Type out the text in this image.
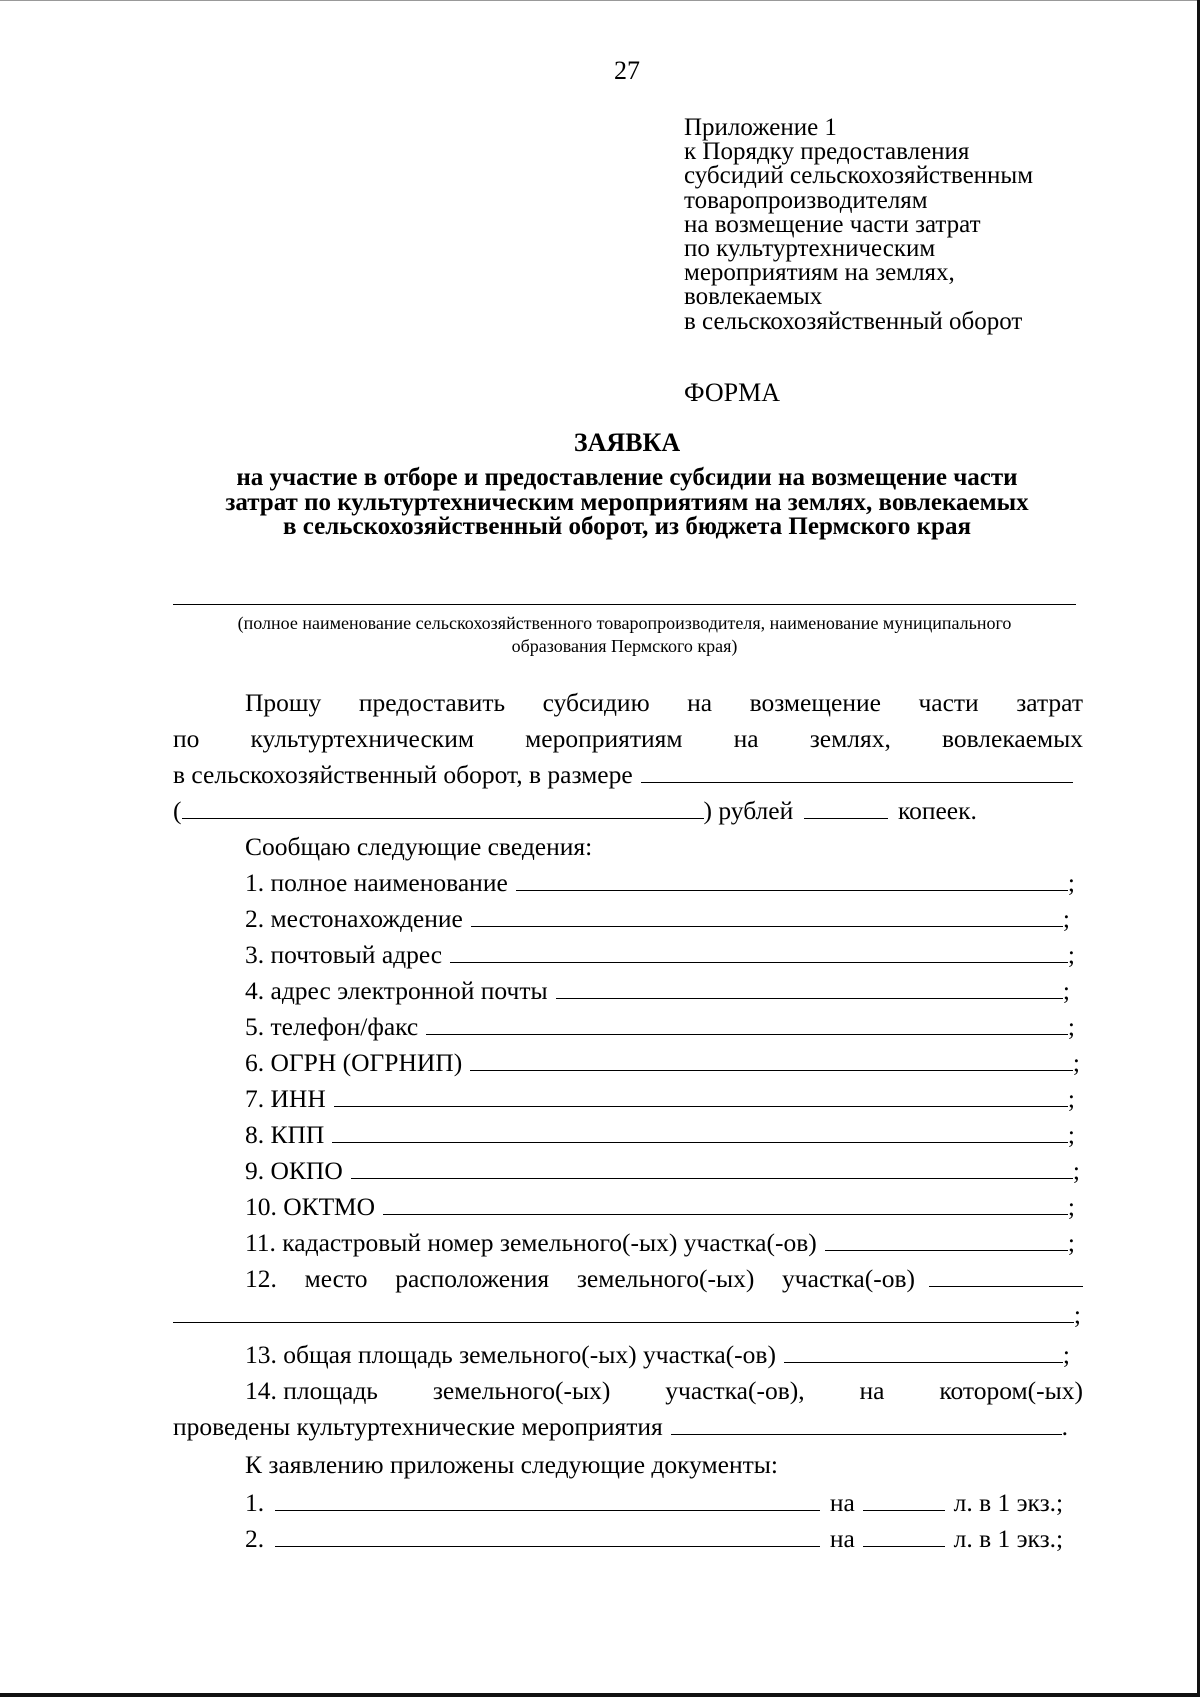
27
Приложение 1
к Порядку предоставления
субсидий сельскохозяйственным
товаропроизводителям
на возмещение части затрат
по культуртехническим
мероприятиям на землях,
вовлекаемых
в сельскохозяйственный оборот
ФОРМА
ЗАЯВКА
на участие в отборе и предоставление субсидии на возмещение части
затрат по культуртехническим мероприятиям на землях, вовлекаемых
в сельскохозяйственный оборот, из бюджета Пермского края
(полное наименование сельскохозяйственного товаропроизводителя, наименование муниципального
образования Пермского края)
Прошу предоставить субсидию на возмещение части затрат
по культуртехническим мероприятиям на землях, вовлекаемых
в сельскохозяйственный оборот, в размере
(	) рублей	копеек.
Сообщаю следующие сведения:
1. полное наименование	;
2. местонахождение	;
3. почтовый адрес	;
4. адрес электронной почты	;
5. телефон/факс	;
6. ОГРН (ОГРНИП)	;
7. ИНН	;
8. КПП	;
9. ОКПО	;
10. ОКТМО	;
11. кадастровый номер земельного(-ых) участка(-ов)	;
12. место расположения земельного(-ых) участка(-ов)
;
13. общая площадь земельного(-ых) участка(-ов)	;
14. площадь земельного(-ых) участка(-ов), на котором(-ых)
проведены культуртехнические мероприятия	.
К заявлению приложены следующие документы:
1.	на	л. в 1 экз.;
2.	на	л. в 1 экз.;
